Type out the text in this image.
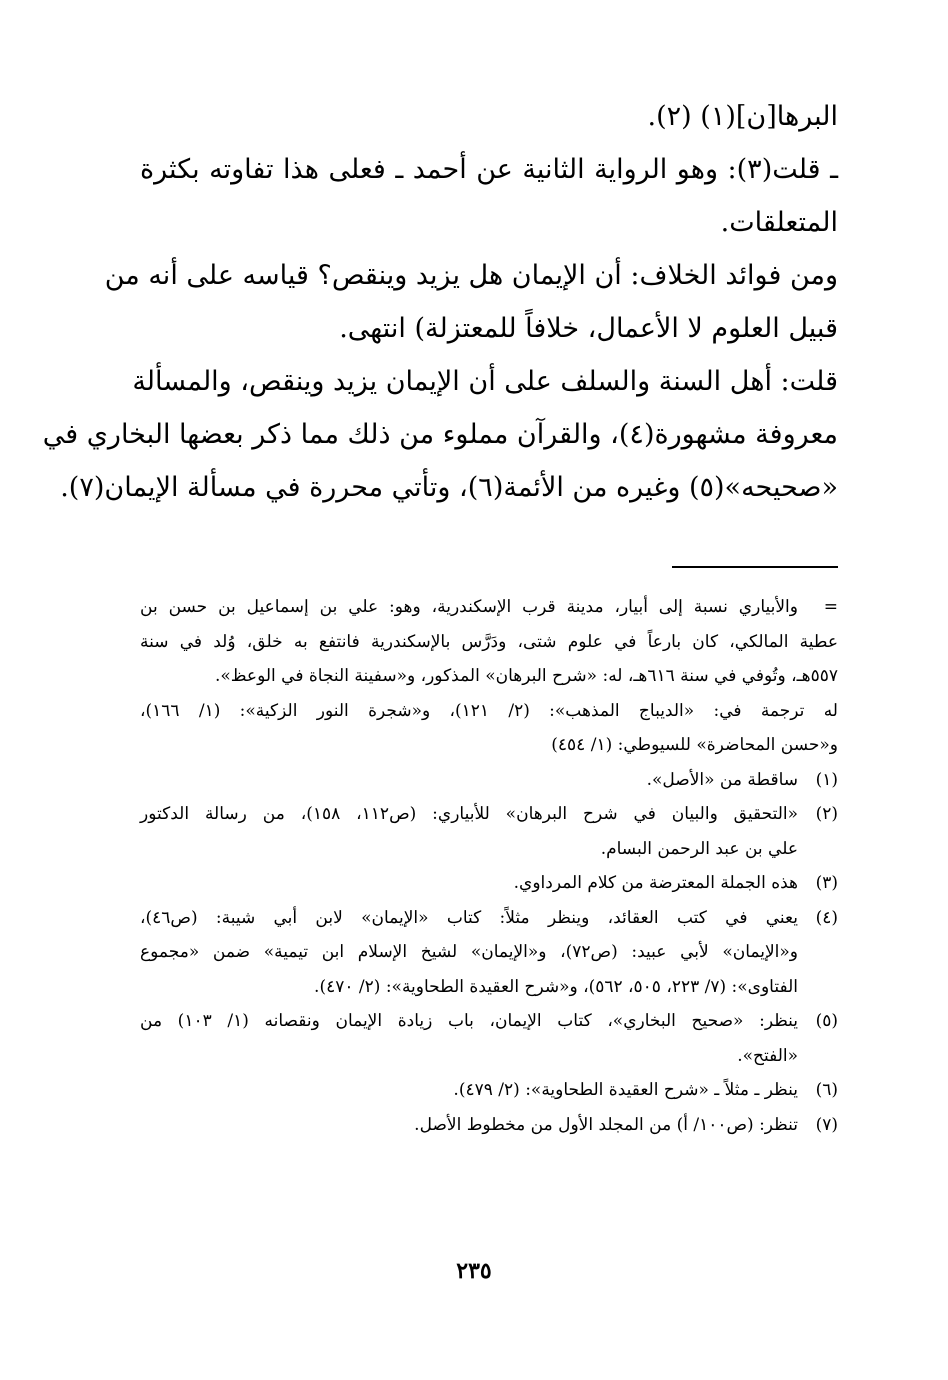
البرها[ن](١) (٢).
ـ قلت(٣): وهو الرواية الثانية عن أحمد ـ فعلى هذا تفاوته بكثرة
المتعلقات.
ومن فوائد الخلاف: أن الإيمان هل يزيد وينقص؟ قياسه على أنه من
قبيل العلوم لا الأعمال، خلافاً للمعتزلة) انتهى.
قلت: أهل السنة والسلف على أن الإيمان يزيد وينقص، والمسألة
معروفة مشهورة(٤)، والقرآن مملوء من ذلك مما ذكر بعضها البخاري في
«صحيحه»(٥) وغيره من الأئمة(٦)، وتأتي محررة في مسألة الإيمان(٧).
=
والأبياري نسبة إلى أبيار، مدينة قرب الإسكندرية، وهو: علي بن إسماعيل بن حسن بن
عطية المالكي، كان بارعاً في علوم شتى، ودَرَّس بالإسكندرية فانتفع به خلق، وُلد في سنة
٥٥٧هـ، وتُوفي في سنة ٦١٦هـ، له: «شرح البرهان» المذكور، و«سفينة النجاة في الوعظ».
له ترجمة في: «الديباج المذهب»: (٢/ ١٢١)، و«شجرة النور الزكية»: (١/ ١٦٦)،
و«حسن المحاضرة» للسيوطي: (١/ ٤٥٤)
(١)
ساقطة من «الأصل».
(٢)
«التحقيق والبيان في شرح البرهان» للأبياري: (ص١١٢، ١٥٨)، من رسالة الدكتور
علي بن عبد الرحمن البسام.
(٣)
هذه الجملة المعترضة من كلام المرداوي.
(٤)
يعني في كتب العقائد، وينظر مثلاً: كتاب «الإيمان» لابن أبي شيبة: (ص٤٦)،
و«الإيمان» لأبي عبيد: (ص٧٢)، و«الإيمان» لشيخ الإسلام ابن تيمية» ضمن «مجموع
الفتاوى»: (٧/ ٢٢٣، ٥٠٥، ٥٦٢)، و«شرح العقيدة الطحاوية»: (٢/ ٤٧٠).
(٥)
ينظر: «صحيح البخاري»، كتاب الإيمان، باب زيادة الإيمان ونقصانه (١/ ١٠٣) من
«الفتح».
(٦)
ينظر ـ مثلاً ـ «شرح العقيدة الطحاوية»: (٢/ ٤٧٩).
(٧)
تنظر: (ص١٠٠/ أ) من المجلد الأول من مخطوط الأصل.
٢٣٥
